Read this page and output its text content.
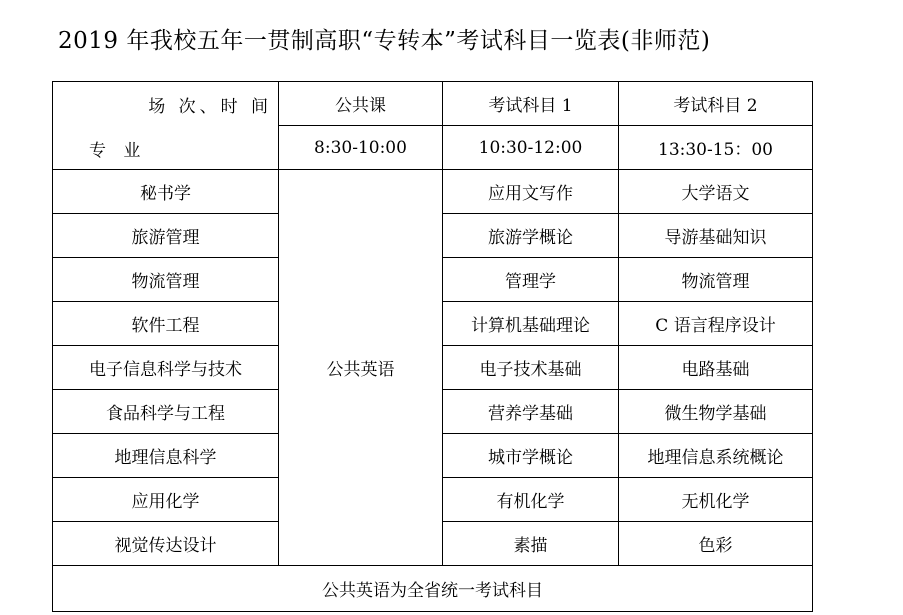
2019 年我校五年一贯制高职“专转本”考试科目一览表(非师范)
场 次、时 间
专 业	公共课	考试科目 1	考试科目 2
	8:30-10:00	10:30-12:00	13:30-15：00
秘书学	公共英语	应用文写作	大学语文
旅游管理		旅游学概论	导游基础知识
物流管理		管理学	物流管理
软件工程		计算机基础理论	C 语言程序设计
电子信息科学与技术		电子技术基础	电路基础
食品科学与工程		营养学基础	微生物学基础
地理信息科学		城市学概论	地理信息系统概论
应用化学		有机化学	无机化学
视觉传达设计		素描	色彩
公共英语为全省统一考试科目			
